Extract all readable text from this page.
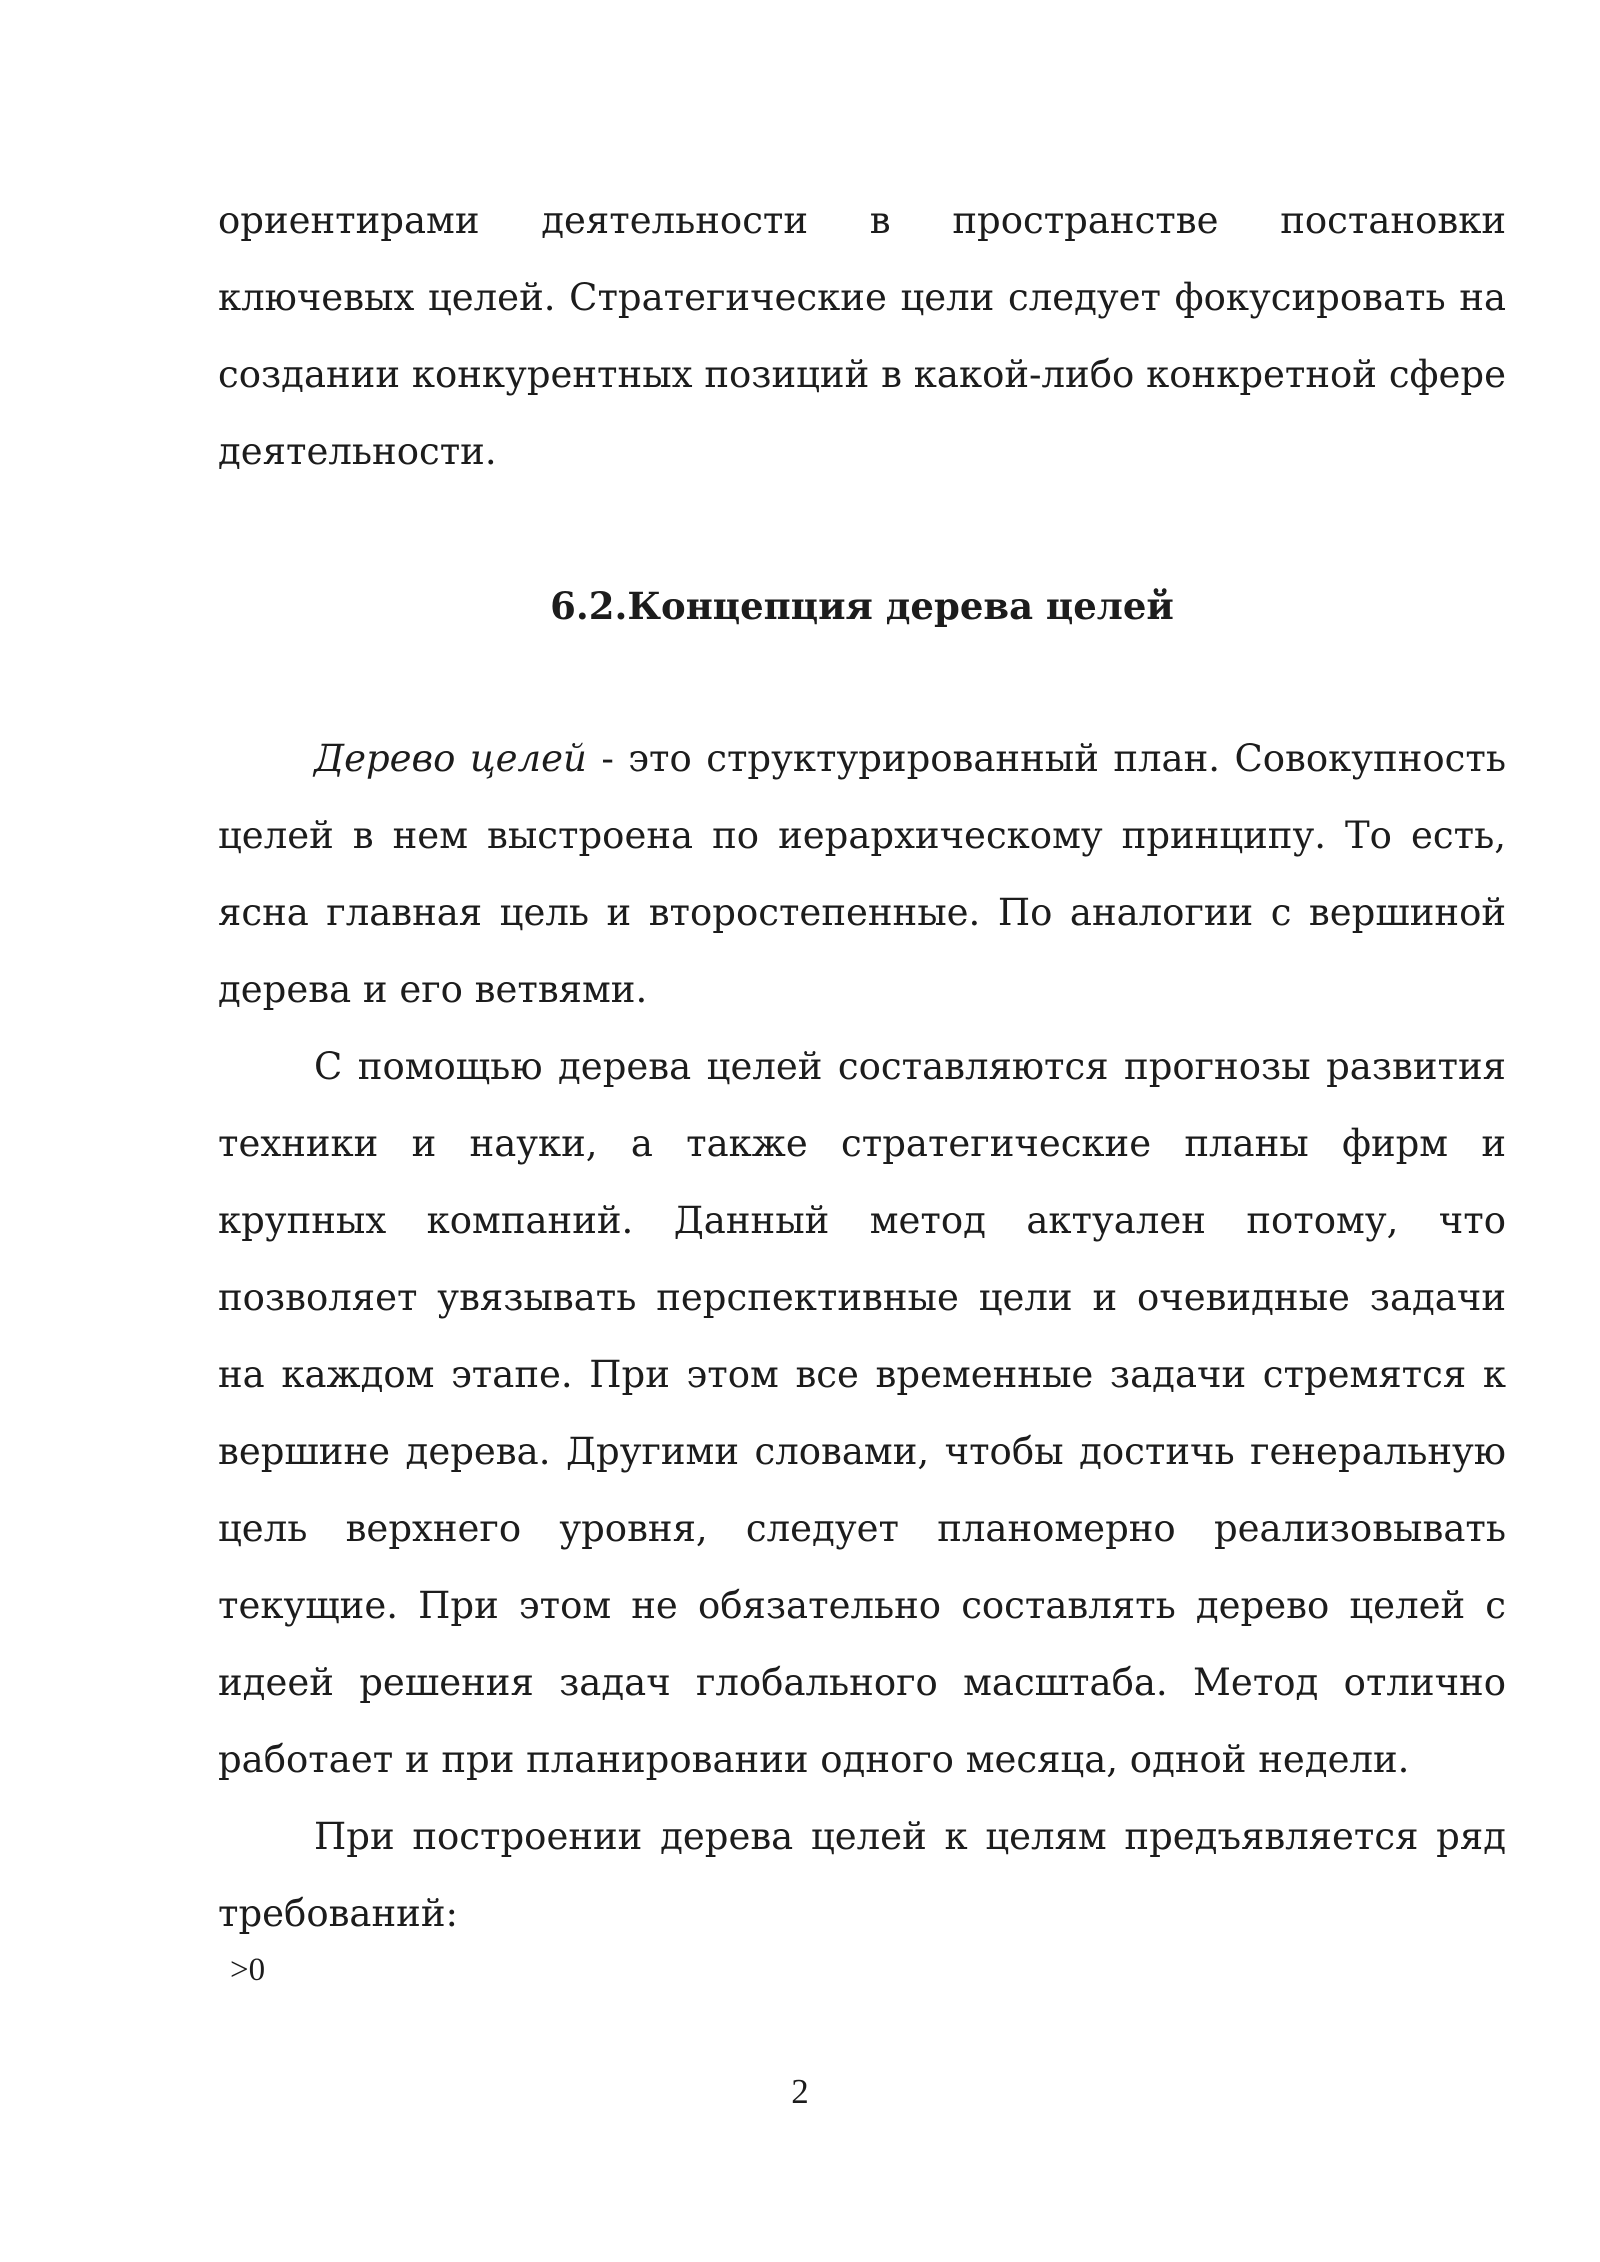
ориентирами деятельности в пространстве постановки ключевых целей. Стратегические цели следует фокусировать на создании конкурентных позиций в какой-либо конкретной сфере деятельности.

6.2.Концепция дерева целей

Дерево целей - это структурированный план. Совокупность целей в нем выстроена по иерархическому принципу. То есть, ясна главная цель и второстепенные. По аналогии с вершиной дерева и его ветвями.

С помощью дерева целей составляются прогнозы развития техники и науки, а также стратегические планы фирм и крупных компаний. Данный метод актуален потому, что позволяет увязывать перспективные цели и очевидные задачи на каждом этапе. При этом все временные задачи стремятся к вершине дерева. Другими словами, чтобы достичь генеральную цель верхнего уровня, следует планомерно реализовывать текущие. При этом не обязательно составлять дерево целей с идеей решения задач глобального масштаба. Метод отлично работает и при планировании одного месяца, одной недели.

При построении дерева целей к целям предъявляется ряд требований:

>0
2
